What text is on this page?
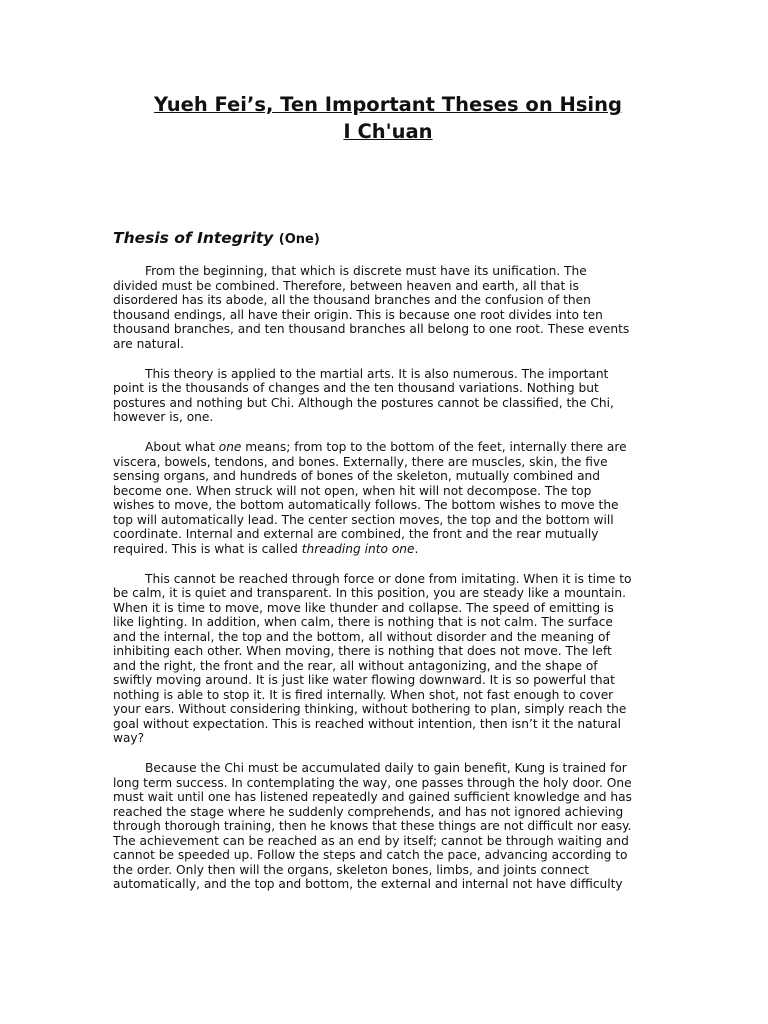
Yueh Fei’s, Ten Important Theses on Hsing
I Ch'uan
Thesis of Integrity (One)

From the beginning, that which is discrete must have its unification. The divided must be combined. Therefore, between heaven and earth, all that is disordered has its abode, all the thousand branches and the confusion of then thousand endings, all have their origin. This is because one root divides into ten thousand branches, and ten thousand branches all belong to one root. These events are natural.

This theory is applied to the martial arts. It is also numerous. The important point is the thousands of changes and the ten thousand variations. Nothing but postures and nothing but Chi. Although the postures cannot be classified, the Chi, however is, one.

About what one means; from top to the bottom of the feet, internally there are viscera, bowels, tendons, and bones. Externally, there are muscles, skin, the five sensing organs, and hundreds of bones of the skeleton, mutually combined and become one. When struck will not open, when hit will not decompose. The top wishes to move, the bottom automatically follows. The bottom wishes to move the top will automatically lead. The center section moves, the top and the bottom will coordinate. Internal and external are combined, the front and the rear mutually required. This is what is called threading into one.

This cannot be reached through force or done from imitating. When it is time to be calm, it is quiet and transparent. In this position, you are steady like a mountain. When it is time to move, move like thunder and collapse. The speed of emitting is like lighting. In addition, when calm, there is nothing that is not calm. The surface and the internal, the top and the bottom, all without disorder and the meaning of inhibiting each other. When moving, there is nothing that does not move. The left and the right, the front and the rear, all without antagonizing, and the shape of swiftly moving around. It is just like water flowing downward. It is so powerful that nothing is able to stop it. It is fired internally. When shot, not fast enough to cover your ears. Without considering thinking, without bothering to plan, simply reach the goal without expectation. This is reached without intention, then isn’t it the natural way?

Because the Chi must be accumulated daily to gain benefit, Kung is trained for long term success. In contemplating the way, one passes through the holy door. One must wait until one has listened repeatedly and gained sufficient knowledge and has reached the stage where he suddenly comprehends, and has not ignored achieving through thorough training, then he knows that these things are not difficult nor easy. The achievement can be reached as an end by itself; cannot be through waiting and cannot be speeded up. Follow the steps and catch the pace, advancing according to the order. Only then will the organs, skeleton bones, limbs, and joints connect automatically, and the top and bottom, the external and internal not have difficulty
